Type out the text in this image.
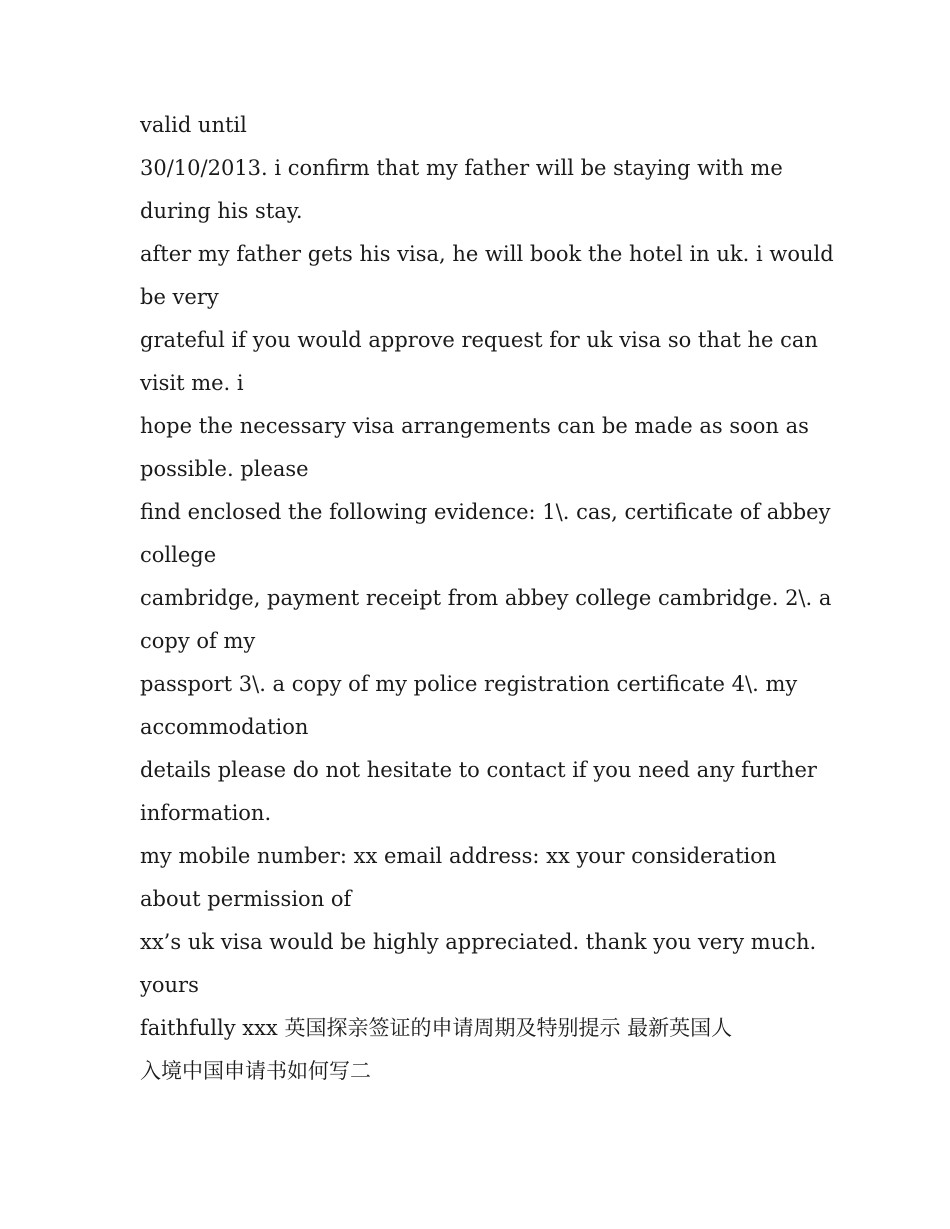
valid until
30/10/2013. i confirm that my father will be staying with me
during his stay.
after my father gets his visa, he will book the hotel in uk. i would
be very
grateful if you would approve request for uk visa so that he can
visit me. i
hope the necessary visa arrangements can be made as soon as
possible. please
find enclosed the following evidence: 1\. cas, certificate of abbey
college
cambridge, payment receipt from abbey college cambridge. 2\. a
copy of my
passport 3\. a copy of my police registration certificate 4\. my
accommodation
details please do not hesitate to contact if you need any further
information.
my mobile number: xx email address: xx your consideration
about permission of
xx’s uk visa would be highly appreciated. thank you very much.
yours
faithfully xxx 英国探亲签证的申请周期及特别提示 最新英国人
入境中国申请书如何写二
